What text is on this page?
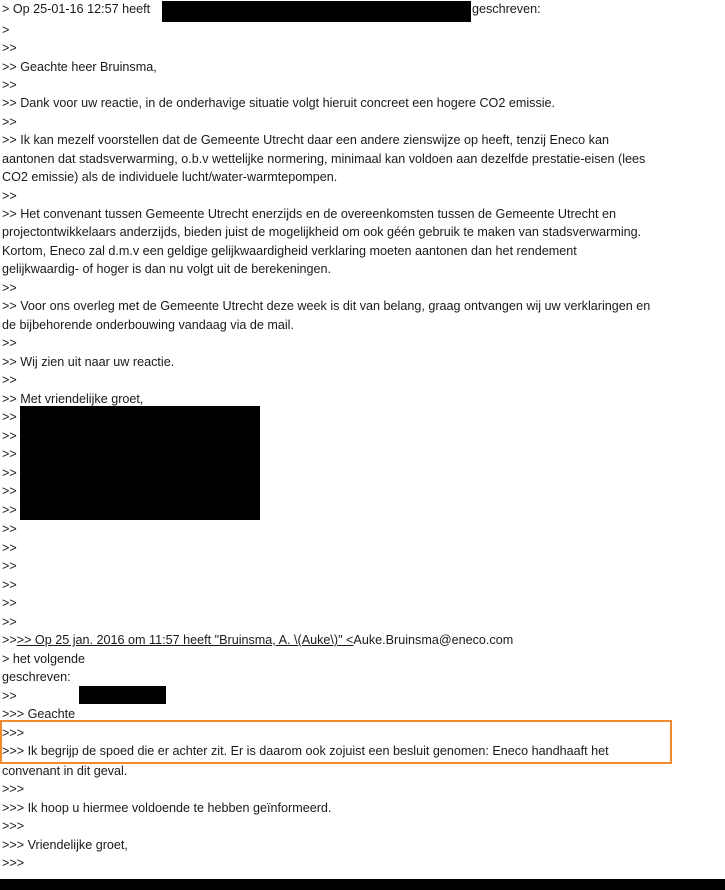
> Op 25-01-16 12:57 heeft	geschreven:
>
>>
>> Geachte heer Bruinsma,
>>
>> Dank voor uw reactie, in de onderhavige situatie volgt hieruit concreet een hogere CO2 emissie.
>>
>> Ik kan mezelf voorstellen dat de Gemeente Utrecht daar een andere zienswijze op heeft, tenzij Eneco kan
aantonen dat stadsverwarming, o.b.v wettelijke normering, minimaal kan voldoen aan dezelfde prestatie-eisen (lees
CO2 emissie) als de individuele lucht/water-warmtepompen.
>>
>> Het convenant tussen Gemeente Utrecht enerzijds en de overeenkomsten tussen de Gemeente Utrecht en
projectontwikkelaars anderzijds, bieden juist de mogelijkheid om ook géén gebruik te maken van stadsverwarming.
Kortom, Eneco zal d.m.v een geldige gelijkwaardigheid verklaring moeten aantonen dan het rendement
gelijkwaardig- of hoger is dan nu volgt uit de berekeningen.
>>
>> Voor ons overleg met de Gemeente Utrecht deze week is dit van belang, graag ontvangen wij uw verklaringen en
de bijbehorende onderbouwing vandaag via de mail.
>>
>> Wij zien uit naar uw reactie.
>>
>> Met vriendelijke groet,
>>
>>
>>
>>
>>
>>
>>
>>
>>
>>
>>
>>
>>>> Op 25 jan. 2016 om 11:57 heeft "Bruinsma, A. \(Auke\)" <Auke.Bruinsma@eneco.com
> het volgende
geschreven:
>>
>>> Geachte
>>>
>>> Ik begrijp de spoed die er achter zit. Er is daarom ook zojuist een besluit genomen: Eneco handhaaft het
convenant in dit geval.
>>>
>>> Ik hoop u hiermee voldoende te hebben geïnformeerd.
>>>
>>> Vriendelijke groet,
>>>
